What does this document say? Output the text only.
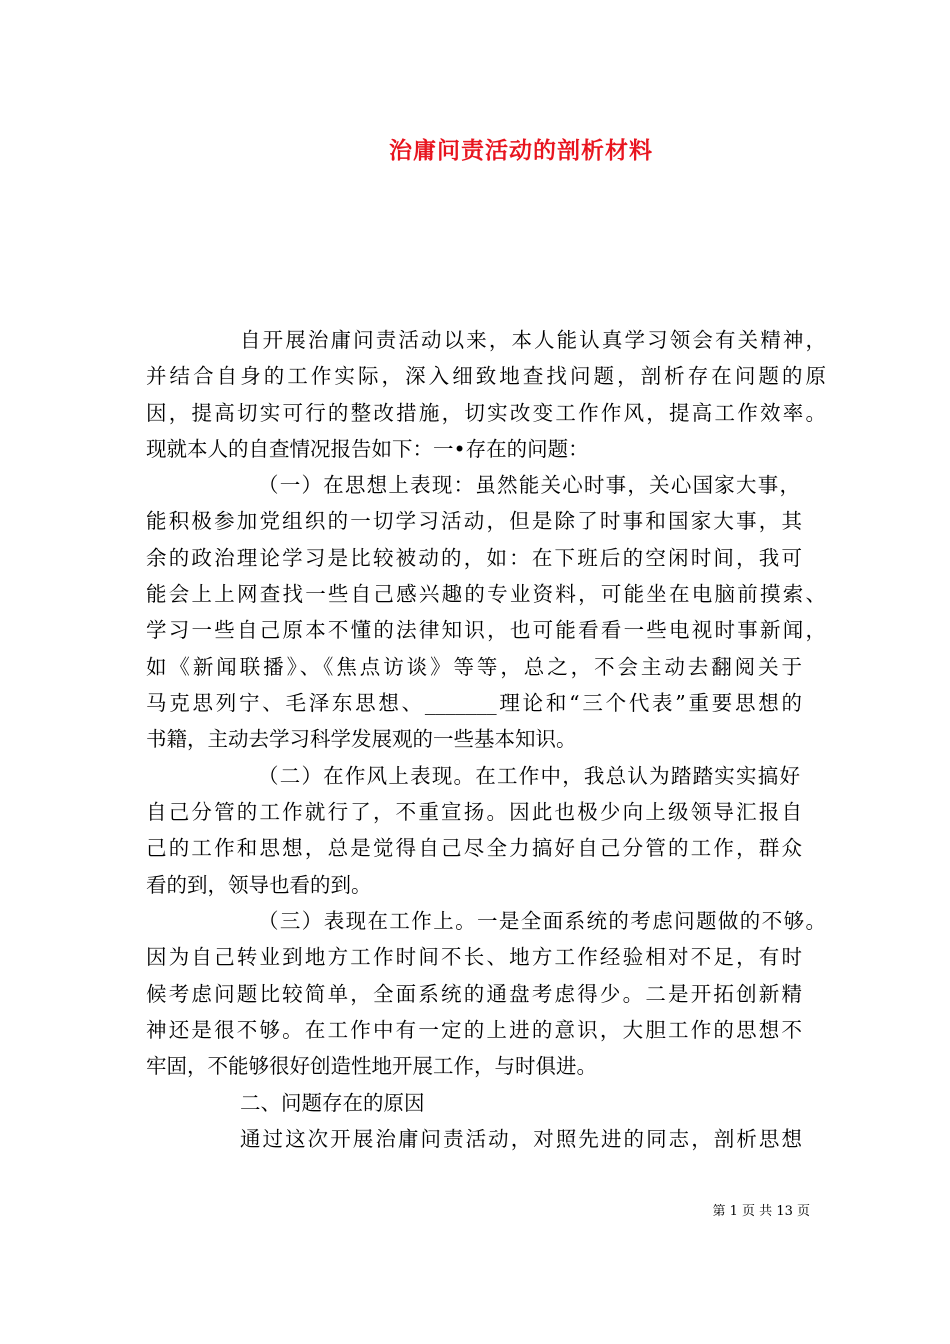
治庸问责活动的剖析材料
自开展治庸问责活动以来，本人能认真学习领会有关精神，
并结合自身的工作实际，深入细致地查找问题，剖析存在问题的原
因，提高切实可行的整改措施，切实改变工作作风，提高工作效率。
现就本人的自查情况报告如下：一•存在的问题：
（一）在思想上表现：虽然能关心时事，关心国家大事，
能积极参加党组织的一切学习活动，但是除了时事和国家大事，其
余的政治理论学习是比较被动的，如：在下班后的空闲时间，我可
能会上上网查找一些自己感兴趣的专业资料，可能坐在电脑前摸索、
学习一些自己原本不懂的法律知识，也可能看看一些电视时事新闻，
如《新闻联播》、《焦点访谈》等等，总之，不会主动去翻阅关于
马克思列宁、毛泽东思想、_______理论和“三个代表”重要思想的
书籍，主动去学习科学发展观的一些基本知识。
（二）在作风上表现。在工作中，我总认为踏踏实实搞好
自己分管的工作就行了，不重宣扬。因此也极少向上级领导汇报自
己的工作和思想，总是觉得自己尽全力搞好自己分管的工作，群众
看的到，领导也看的到。
（三）表现在工作上。一是全面系统的考虑问题做的不够。
因为自己转业到地方工作时间不长、地方工作经验相对不足，有时
候考虑问题比较简单，全面系统的通盘考虑得少。二是开拓创新精
神还是很不够。在工作中有一定的上进的意识，大胆工作的思想不
牢固，不能够很好创造性地开展工作，与时俱进。
二、问题存在的原因
通过这次开展治庸问责活动，对照先进的同志，剖析思想
第 1 页 共 13 页
